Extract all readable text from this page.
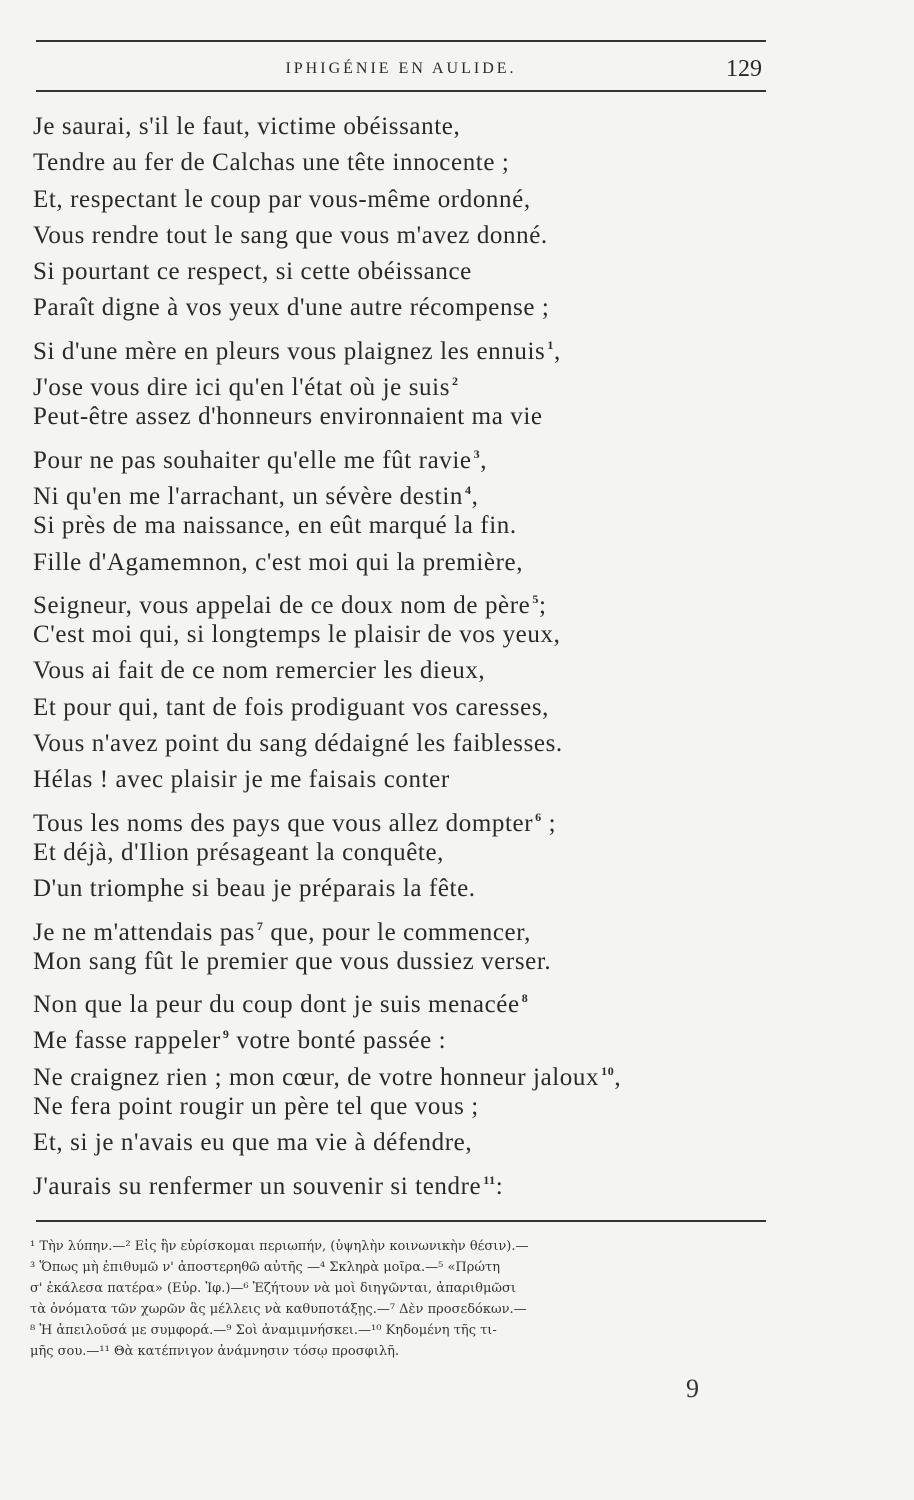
IPHIGÉNIE EN AULIDE.	129
Je saurai, s'il le faut, victime obéissante,
Tendre au fer de Calchas une tête innocente ;
Et, respectant le coup par vous-même ordonné,
Vous rendre tout le sang que vous m'avez donné.
Si pourtant ce respect, si cette obéissance
Paraît digne à vos yeux d'une autre récompense ;
Si d'une mère en pleurs vous plaignez les ennuis $^1$,
J'ose vous dire ici qu'en l'état où je suis $^2$
Peut-être assez d'honneurs environnaient ma vie
Pour ne pas souhaiter qu'elle me fût ravie $^3$,
Ni qu'en me l'arrachant, un sévère destin $^4$,
Si près de ma naissance, en eût marqué la fin.
Fille d'Agamemnon, c'est moi qui la première,
Seigneur, vous appelai de ce doux nom de père $^5$;
C'est moi qui, si longtemps le plaisir de vos yeux,
Vous ai fait de ce nom remercier les dieux,
Et pour qui, tant de fois prodiguant vos caresses,
Vous n'avez point du sang dédaigné les faiblesses.
Hélas ! avec plaisir je me faisais conter
Tous les noms des pays que vous allez dompter $^6$ ;
Et déjà, d'Ilion présageant la conquête,
D'un triomphe si beau je préparais la fête.
Je ne m'attendais pas $^7$ que, pour le commencer,
Mon sang fût le premier que vous dussiez verser.
Non que la peur du coup dont je suis menacée $^8$
Me fasse rappeler $^9$ votre bonté passée :
Ne craignez rien ; mon cœur, de votre honneur jaloux $^{10}$,
Ne fera point rougir un père tel que vous ;
Et, si je n'avais eu que ma vie à défendre,
J'aurais su renfermer un souvenir si tendre $^{11}$:
¹ Τὴν λύπην.—² Εἰς ἣν εὑρίσκομαι περιωπήν, (ὑψηλὴν κοινωνικὴν θέσιν).—
³ Ὅπως μὴ ἐπιθυμῶ ν' ἀποστερηθῶ αὐτῆς —⁴ Σκληρὰ μοῖρα.—⁵ «Πρώτη
σ' ἐκάλεσα πατέρα» (Εὐρ. Ἰφ.)—⁶ Ἐζήτουν νὰ μοὶ διηγῶνται, ἀπαριθμῶσι
τὰ ὀνόματα τῶν χωρῶν ἃς μέλλεις νὰ καθυποτάξῃς.—⁷ Δὲν προσεδόκων.—
⁸ Ἡ ἀπειλοῦσά με συμφορά.—⁹ Σοὶ ἀναμιμνήσκει.—¹⁰ Κηδομένη τῆς τι-
μῆς σου.—¹¹ Θὰ κατέπνιγον ἀνάμνησιν τόσῳ προσφιλῆ.
9
